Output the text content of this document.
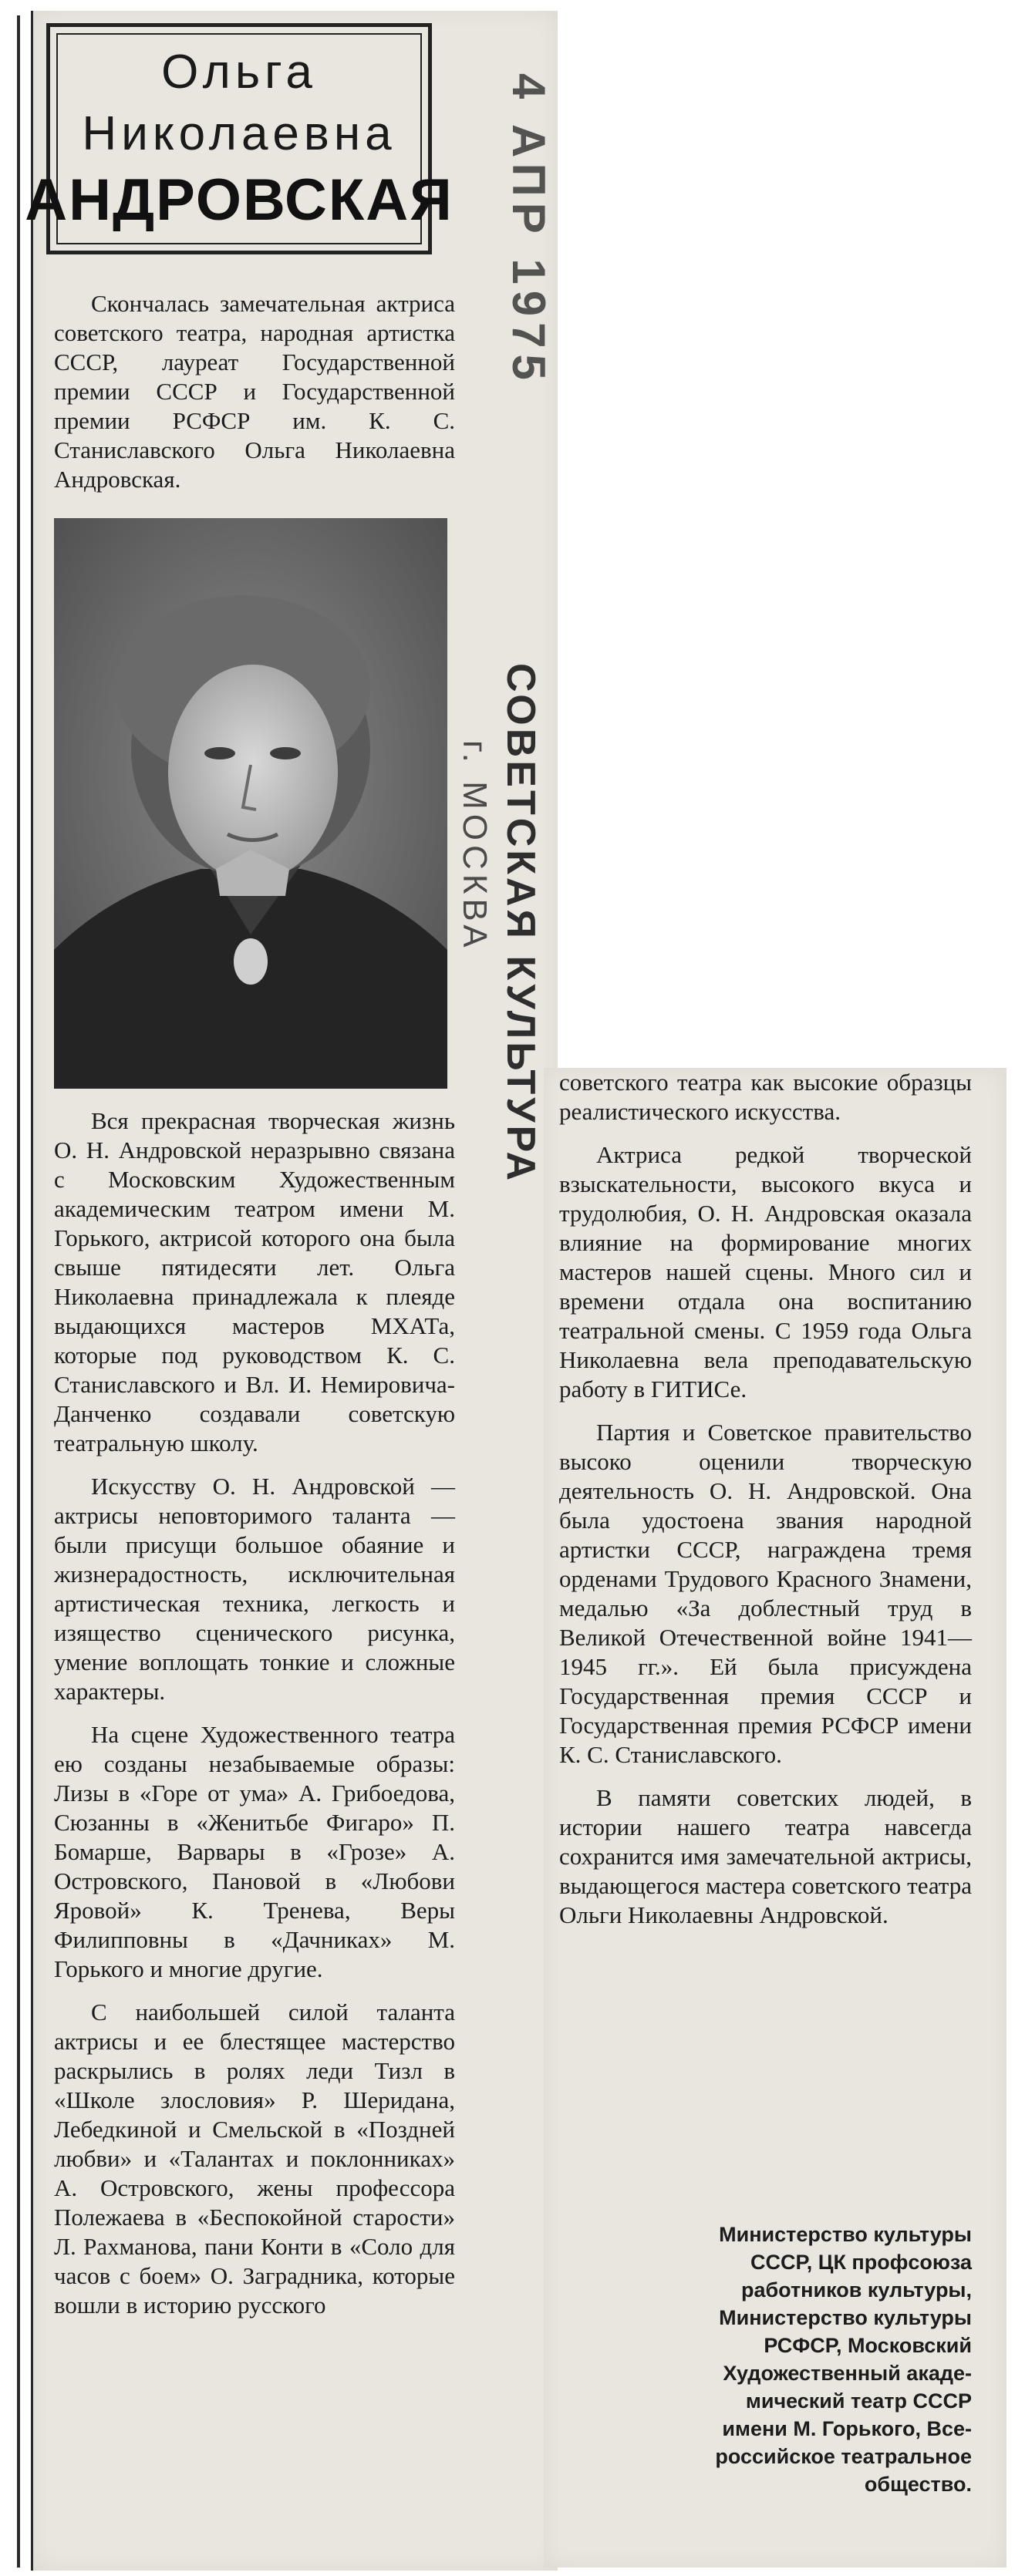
Ольга
Николаевна
АНДРОВСКАЯ 4 АПР 1975
СОВЕТСКАЯ КУЛЬТУРА
г. МОСКВА

Скончалась замечательная актриса советского театра, народная артистка СССР, лауреат Государственной премии СССР и Государственной премии РСФСР им. К. С. Станиславского Ольга Николаевна Андровская.

Вся прекрасная творческая жизнь О. Н. Андровской неразрывно связана с Московским Художественным академическим театром имени М. Горького, актрисой которого она была свыше пятидесяти лет. Ольга Николаевна принадлежала к плеяде выдающихся мастеров МХАТа, которые под руководством К. С. Станиславского и Вл. И. Немировича-Данченко создавали советскую театральную школу.

Искусству О. Н. Андровской — актрисы неповторимого таланта — были присущи большое обаяние и жизнерадостность, исключительная артистическая техника, легкость и изящество сценического рисунка, умение воплощать тонкие и сложные характеры.

На сцене Художественного театра ею созданы незабываемые образы: Лизы в «Горе от ума» А. Грибоедова, Сюзанны в «Женитьбе Фигаро» П. Бомарше, Варвары в «Грозе» А. Островского, Пановой в «Любови Яровой» К. Тренева, Веры Филипповны в «Дачниках» М. Горького и многие другие.

С наибольшей силой таланта актрисы и ее блестящее мастерство раскрылись в ролях леди Тизл в «Школе злословия» Р. Шеридана, Лебедкиной и Смельской в «Поздней любви» и «Талантах и поклонниках» А. Островского, жены профессора Полежаева в «Беспокойной старости» Л. Рахманова, пани Конти в «Соло для часов с боем» О. Заградника, которые вошли в историю русского

советского театра как высокие образцы реалистического искусства.

Актриса редкой творческой взыскательности, высокого вкуса и трудолюбия, О. Н. Андровская оказала влияние на формирование многих мастеров нашей сцены. Много сил и времени отдала она воспитанию театральной смены. С 1959 года Ольга Николаевна вела преподавательскую работу в ГИТИСе.

Партия и Советское правительство высоко оценили творческую деятельность О. Н. Андровской. Она была удостоена звания народной артистки СССР, награждена тремя орденами Трудового Красного Знамени, медалью «За доблестный труд в Великой Отечественной войне 1941—1945 гг.». Ей была присуждена Государственная премия СССР и Государственная премия РСФСР имени К. С. Станиславского.

В памяти советских людей, в истории нашего театра навсегда сохранится имя замечательной актрисы, выдающегося мастера советского театра Ольги Николаевны Андровской.

Министерство культуры
СССР, ЦК профсоюза
работников культуры,
Министерство культуры
РСФСР, Московский
Художественный акаде-
мический театр СССР
имени М. Горького, Все-
российское театральное
общество.
